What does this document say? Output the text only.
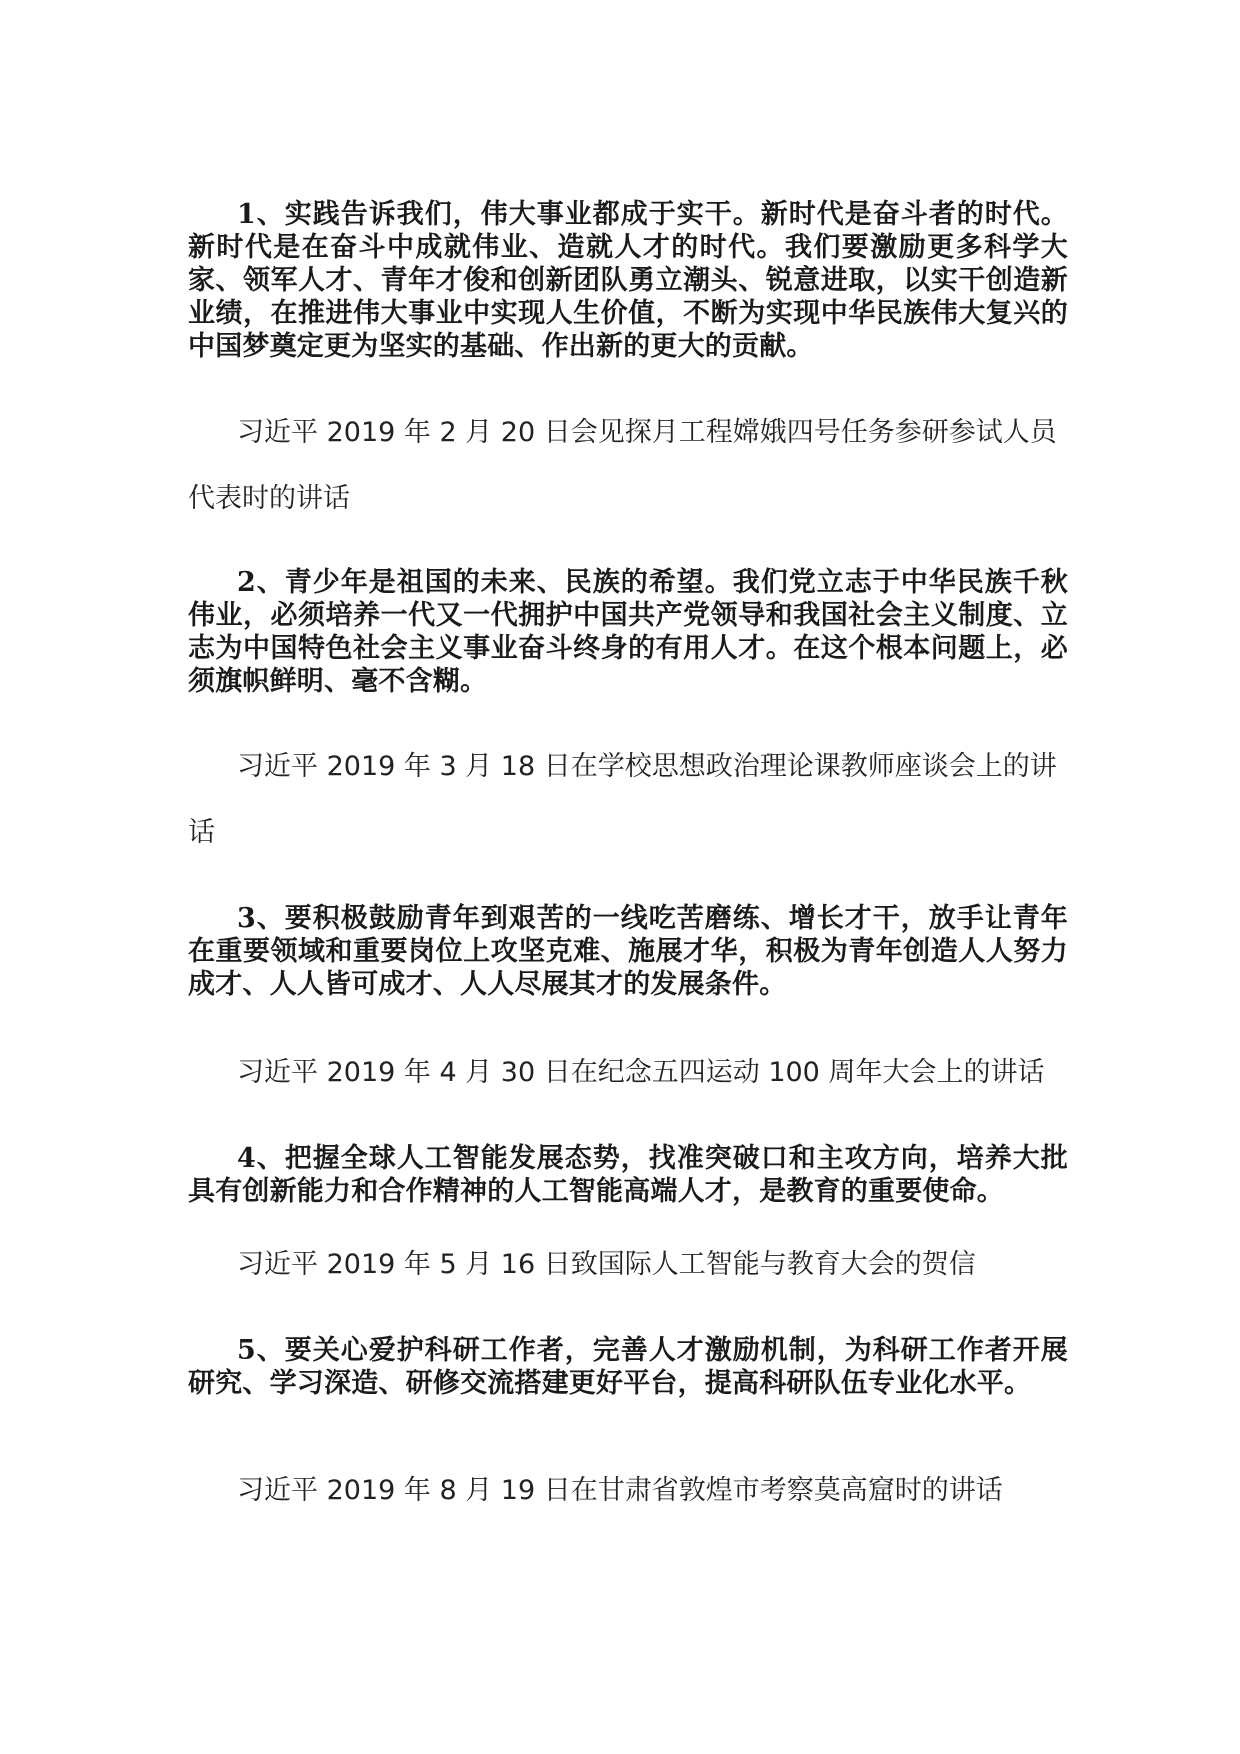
1、实践告诉我们，伟大事业都成于实干。新时代是奋斗者的时代。新时代是在奋斗中成就伟业、造就人才的时代。我们要激励更多科学大家、领军人才、青年才俊和创新团队勇立潮头、锐意进取，以实干创造新业绩，在推进伟大事业中实现人生价值，不断为实现中华民族伟大复兴的中国梦奠定更为坚实的基础、作出新的更大的贡献。

习近平 2019 年 2 月 20 日会见探月工程嫦娥四号任务参研参试人员代表时的讲话

2、青少年是祖国的未来、民族的希望。我们党立志于中华民族千秋伟业，必须培养一代又一代拥护中国共产党领导和我国社会主义制度、立志为中国特色社会主义事业奋斗终身的有用人才。在这个根本问题上，必须旗帜鲜明、毫不含糊。

习近平 2019 年 3 月 18 日在学校思想政治理论课教师座谈会上的讲话

3、要积极鼓励青年到艰苦的一线吃苦磨练、增长才干，放手让青年在重要领域和重要岗位上攻坚克难、施展才华，积极为青年创造人人努力成才、人人皆可成才、人人尽展其才的发展条件。

习近平 2019 年 4 月 30 日在纪念五四运动 100 周年大会上的讲话

4、把握全球人工智能发展态势，找准突破口和主攻方向，培养大批具有创新能力和合作精神的人工智能高端人才，是教育的重要使命。

习近平 2019 年 5 月 16 日致国际人工智能与教育大会的贺信

5、要关心爱护科研工作者，完善人才激励机制，为科研工作者开展研究、学习深造、研修交流搭建更好平台，提高科研队伍专业化水平。

习近平 2019 年 8 月 19 日在甘肃省敦煌市考察莫高窟时的讲话
